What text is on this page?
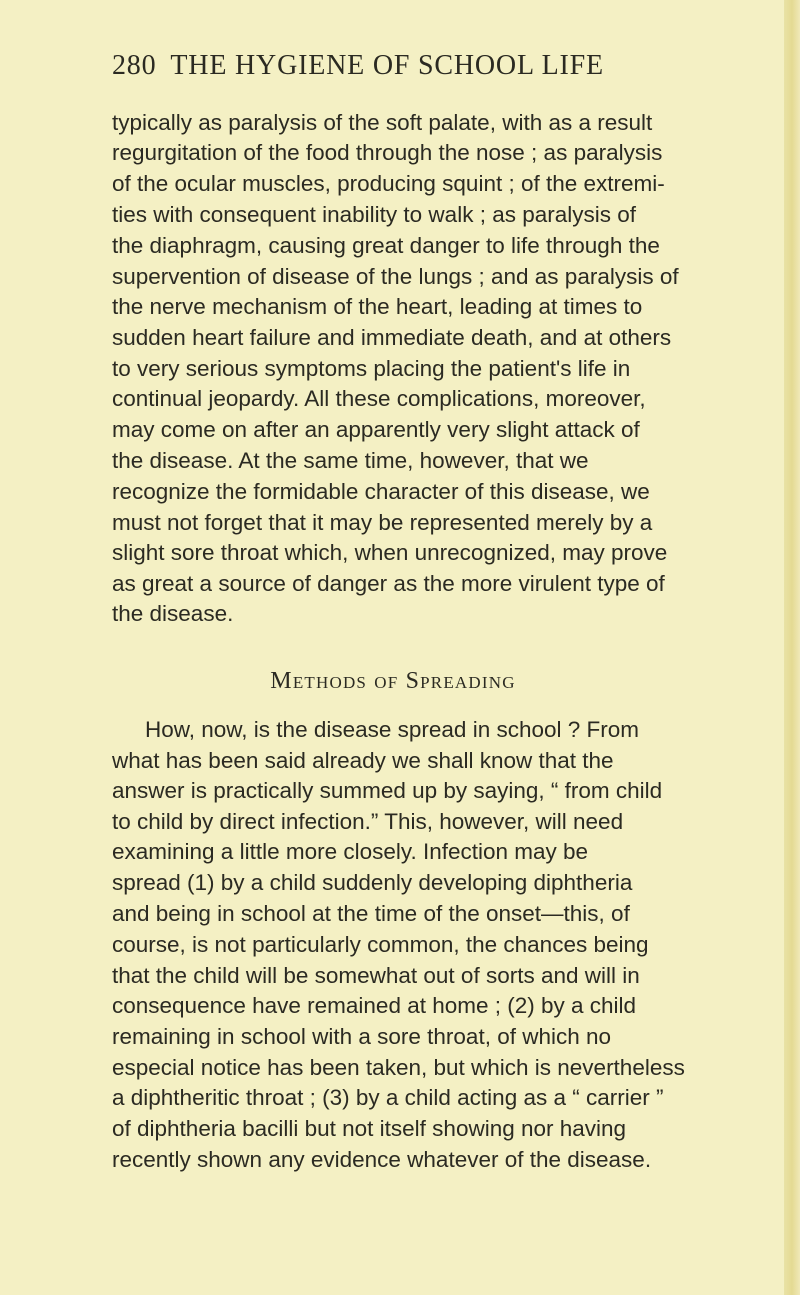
280 THE HYGIENE OF SCHOOL LIFE
typically as paralysis of the soft palate, with as a result
regurgitation of the food through the nose ; as paralysis
of the ocular muscles, producing squint ; of the extremi-
ties with consequent inability to walk ; as paralysis of
the diaphragm, causing great danger to life through the
supervention of disease of the lungs ; and as paralysis of
the nerve mechanism of the heart, leading at times to
sudden heart failure and immediate death, and at others
to very serious symptoms placing the patient's life in
continual jeopardy. All these complications, moreover,
may come on after an apparently very slight attack of
the disease. At the same time, however, that we
recognize the formidable character of this disease, we
must not forget that it may be represented merely by a
slight sore throat which, when unrecognized, may prove
as great a source of danger as the more virulent type of
the disease.
Methods of Spreading
How, now, is the disease spread in school ? From
what has been said already we shall know that the
answer is practically summed up by saying, “ from child
to child by direct infection.” This, however, will need
examining a little more closely. Infection may be
spread (1) by a child suddenly developing diphtheria
and being in school at the time of the onset—this, of
course, is not particularly common, the chances being
that the child will be somewhat out of sorts and will in
consequence have remained at home ; (2) by a child
remaining in school with a sore throat, of which no
especial notice has been taken, but which is nevertheless
a diphtheritic throat ; (3) by a child acting as a “ carrier ”
of diphtheria bacilli but not itself showing nor having
recently shown any evidence whatever of the disease.
